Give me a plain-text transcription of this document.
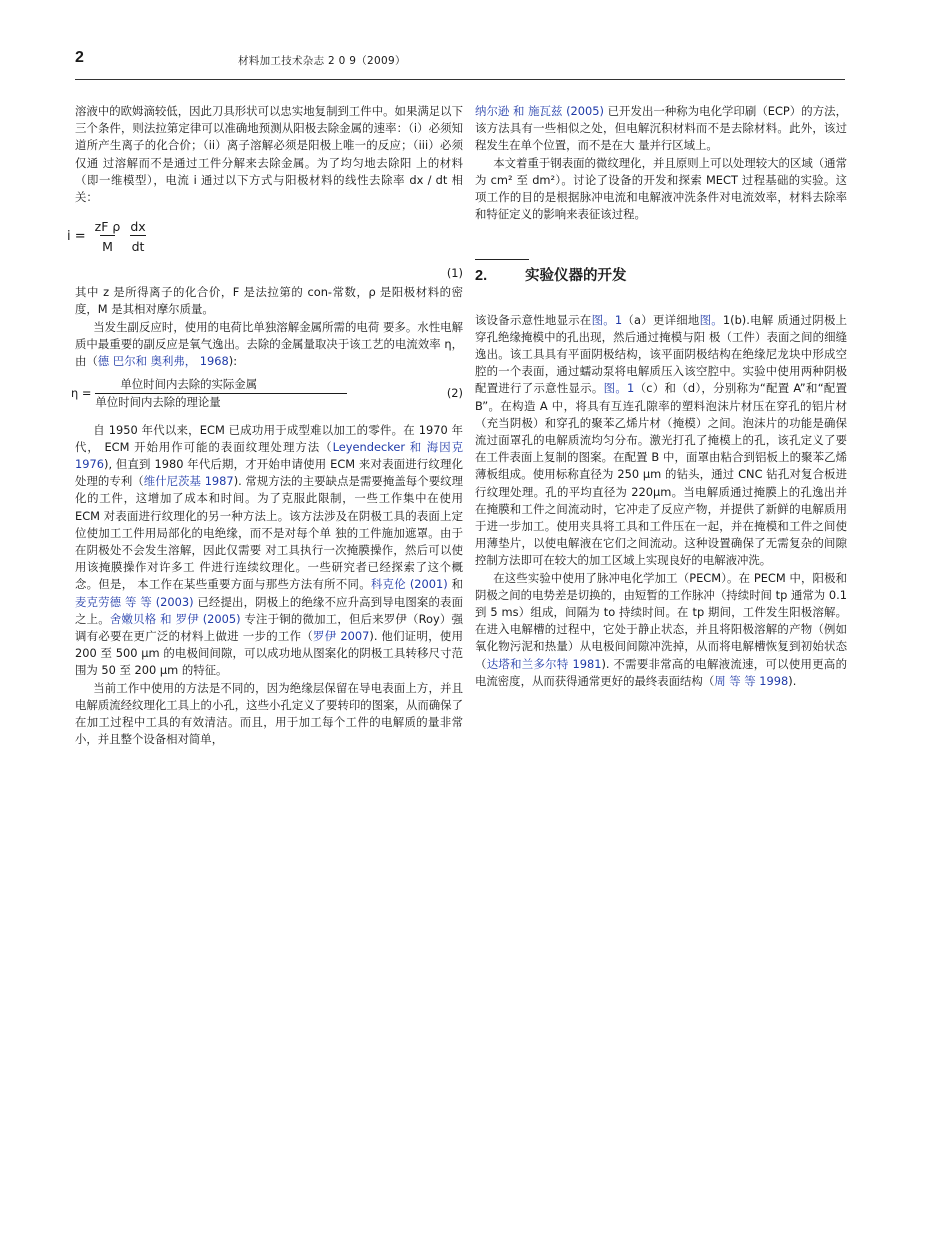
2	材料加工技术杂志 2 0 9（2009）

溶液中的欧姆滴较低，因此刀具形状可以忠实地复制到工件中。如果满足以下三个条件，则法拉第定律可以准确地预测从阳极去除金属的速率：（i）必须知道所产生离子的化合价；（ii）离子溶解必须是阳极上唯一的反应；（iii）必须仅通 过溶解而不是通过工件分解来去除金属。为了均匀地去除阳 上的材料（即一维模型），电流 i 通过以下方式与阳极材料的线性去除率 dx / dt 相关：

$i = \frac{\text{zF ρ}}{M} \frac{dx}{dt}$
(1)

其中 z 是所得离子的化合价，F 是法拉第的 con-常数，ρ 是阳极材料的密度，M 是其相对摩尔质量。

当发生副反应时，使用的电荷比单独溶解金属所需的电荷 要多。水性电解质中最重要的副反应是氧气逸出。去除的金属量取决于该工艺的电流效率 η，由（德 巴尔和 奥利弗， 1968):

$\eta = \frac{\text{单位时间内去除的实际金属}}{\text{单位时间内去除的理论量}}$	(2)

自 1950 年代以来，ECM 已成功用于成型难以加工的零件。在 1970 年代， ECM 开始用作可能的表面纹理处理方法（Leyendecker 和 海因克 1976), 但直到 1980 年代后期，才开始申请使用 ECM 来对表面进行纹理化处理的专利（维什尼茨基 1987). 常规方法的主要缺点是需要掩盖每个要纹理化的工件，这增加了成本和时间。为了克服此限制，一些工作集中在使用 ECM 对表面进行纹理化的另一种方法上。该方法涉及在阴极工具的表面上定位使加工工件用局部化的电绝缘，而不是对每个单 独的工件施加遮罩。由于在阴极处不会发生溶解，因此仅需要 对工具执行一次掩膜操作，然后可以使用该掩膜操作对许多工 件进行连续纹理化。一些研究者已经探索了这个概念。但是， 本工作在某些重要方面与那些方法有所不同。科克伦 (2001) 和麦克劳德 等 等 (2003) 已经提出，阴极上的绝缘不应升高到导电图案的表面之上。舍嫩贝格 和 罗伊 (2005) 专注于铜的微加工，但后来罗伊（Roy）强调有必要在更广泛的材料上做进 一步的工作（罗伊 2007). 他们证明，使用 200 至 500 μm 的电极间间隙，可以成功地从图案化的阴极工具转移尺寸范围为 50 至 200 μm 的特征。

当前工作中使用的方法是不同的，因为绝缘层保留在导电表面上方，并且电解质流经纹理化工具上的小孔，这些小孔定义了要转印的图案，从而确保了在加工过程中工具的有效清洁。而且，用于加工每个工件的电解质的量非常小，并且整个设备相对简单，

纳尔逊 和 施瓦兹 (2005) 已开发出一种称为电化学印刷（ECP）的方法，该方法具有一些相似之处，但电解沉积材料而不是去除材料。此外，该过程发生在单个位置，而不是在大 量并行区域上。

本文着重于钢表面的微纹理化，并且原则上可以处理较大的区域（通常为 cm² 至 dm²）。讨论了设备的开发和探索 MECT 过程基础的实验。这项工作的目的是根据脉冲电流和电解液冲洗条件对电流效率，材料去除率和特征定义的影响来表征该过程。

2.	实验仪器的开发

该设备示意性地显示在图。1（a）更详细地图。1(b).电解 质通过阴极上穿孔绝缘掩模中的孔出现，然后通过掩模与阳 极（工件）表面之间的细缝逸出。该工具具有平面阴极结构，该平面阴极结构在绝缘尼龙块中形成空腔的一个表面，通过蠕动泵将电解质压入该空腔中。实验中使用两种阴极配置进行了示意性显示。图。1（c）和（d），分别称为“配置 A”和“配置 B”。在构造 A 中，将具有互连孔隙率的塑料泡沫片材压在穿孔的铝片材（充当阴极）和穿孔的聚苯乙烯片材（掩模）之间。泡沫片的功能是确保流过面罩孔的电解质流均匀分布。激光打孔了掩模上的孔，该孔定义了要在工件表面上复制的图案。在配置 B 中，面罩由粘合到铝板上的聚苯乙烯薄板组成。使用标称直径为 250 μm 的钻头，通过 CNC 钻孔对复合板进行纹理处理。孔的平均直径为 220μm。当电解质通过掩膜上的孔逸出并在掩膜和工件之间流动时，它冲走了反应产物，并提供了新鲜的电解质用于进一步加工。使用夹具将工具和工件压在一起，并在掩模和工件之间使用薄垫片，以使电解液在它们之间流动。这种设置确保了无需复杂的间隙控制方法即可在较大的加工区域上实现良好的电解液冲洗。

在这些实验中使用了脉冲电化学加工（PECM）。在 PECM 中，阳极和阴极之间的电势差是切换的，由短暂的工作脉冲（持续时间 tp 通常为 0.1 到 5 ms）组成，间隔为 to 持续时间。在 tp 期间，工件发生阳极溶解。在进入电解槽的过程中，它处于静止状态，并且将阳极溶解的产物（例如氧化物污泥和热量）从电极间间隙冲洗掉，从而将电解槽恢复到初始状态（达塔和兰多尔特 1981). 不需要非常高的电解液流速，可以使用更高的电流密度，从而获得通常更好的最终表面结构（周 等 等 1998).
